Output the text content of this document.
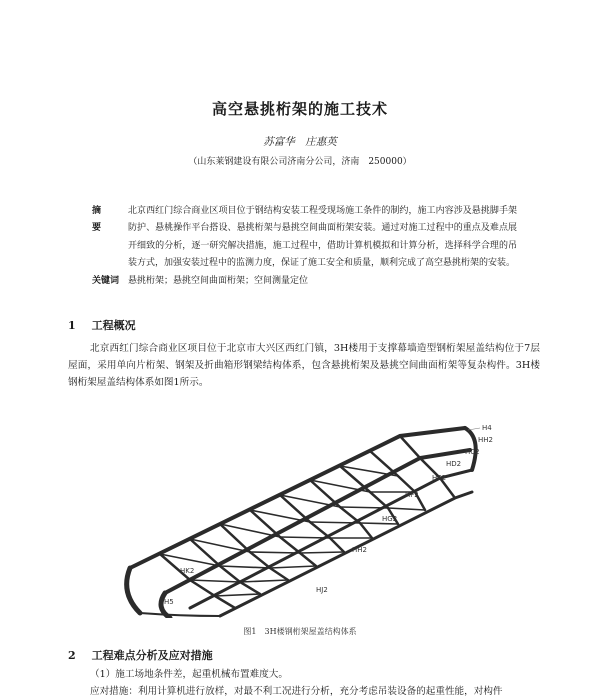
高空悬挑桁架的施工技术
苏富华　庄惠英
（山东莱钢建设有限公司济南分公司，济南　250000）
摘　要
北京西红门综合商业区项目位于钢结构安装工程受现场施工条件的制约，施工内容涉及悬挑脚手架防护、悬桃操作平台搭设、悬挑桁架与悬挑空间曲面桁架安装。通过对施工过程中的重点及难点展开细致的分析，逐一研究解决措施，施工过程中，借助计算机模拟和计算分析，选择科学合理的吊装方式，加强安装过程中的监测力度，保证了施工安全和质量，顺利完成了高空悬挑桁架的安装。
关键词 悬挑桁架；悬挑空间曲面桁架；空间测量定位
1 工程概况
北京西红门综合商业区项目位于北京市大兴区西红门镇，3H楼用于支撑幕墙造型钢桁架屋盖结构位于7层屋面，采用单向片桁架、钢架及折曲箱形钢梁结构体系，包含悬挑桁架及悬挑空间曲面桁架等复杂构件。3H楼钢桁架屋盖结构体系如图1所示。
H4
HH2
HC2
HD2
HE2
HF2
HG2
HH2
HK2
H5
HJ2
图1　3H楼钢桁架屋盖结构体系
2 工程难点分析及应对措施
（1）施工场地条件差，起重机械布置难度大。
应对措施：利用计算机进行放样，对最不利工况进行分析，充分考虑吊装设备的起重性能，对构件
